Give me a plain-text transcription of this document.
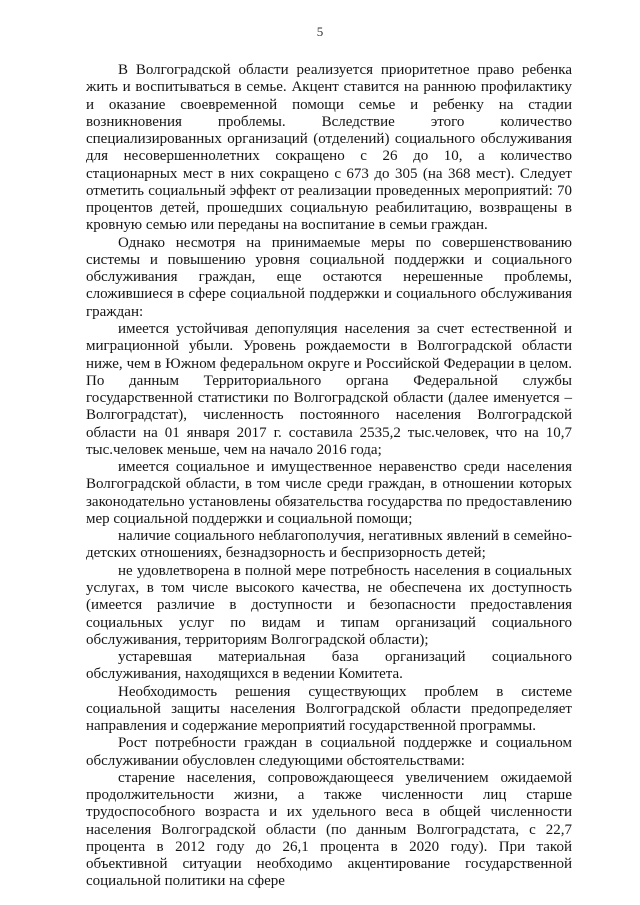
5

В Волгоградской области реализуется приоритетное право ребенка жить и воспитываться в семье. Акцент ставится на раннюю профилактику и оказание своевременной помощи семье и ребенку на стадии возникновения проблемы. Вследствие этого количество специализированных организаций (отделений) социального обслуживания для несовершеннолетних сокращено с 26 до 10, а количество стационарных мест в них сокращено с 673 до 305 (на 368 мест). Следует отметить социальный эффект от реализации проведенных мероприятий: 70 процентов детей, прошедших социальную реабилитацию, возвращены в кровную семью или переданы на воспитание в семьи граждан.

Однако несмотря на принимаемые меры по совершенствованию системы и повышению уровня социальной поддержки и социального обслуживания граждан, еще остаются нерешенные проблемы, сложившиеся в сфере социальной поддержки и социального обслуживания граждан:

имеется устойчивая депопуляция населения за счет естественной и миграционной убыли. Уровень рождаемости в Волгоградской области ниже, чем в Южном федеральном округе и Российской Федерации в целом. По данным Территориального органа Федеральной службы государственной статистики по Волгоградской области (далее именуется – Волгоградстат), численность постоянного населения Волгоградской области на 01 января 2017 г. составила 2535,2 тыс.человек, что на 10,7 тыс.человек меньше, чем на начало 2016 года;

имеется социальное и имущественное неравенство среди населения Волгоградской области, в том числе среди граждан, в отношении которых законодательно установлены обязательства государства по предоставлению мер социальной поддержки и социальной помощи;

наличие социального неблагополучия, негативных явлений в семейно-детских отношениях, безнадзорность и беспризорность детей;

не удовлетворена в полной мере потребность населения в социальных услугах, в том числе высокого качества, не обеспечена их доступность (имеется различие в доступности и безопасности предоставления социальных услуг по видам и типам организаций социального обслуживания, территориям Волгоградской области);

устаревшая материальная база организаций социального обслуживания, находящихся в ведении Комитета.

Необходимость решения существующих проблем в системе социальной защиты населения Волгоградской области предопределяет направления и содержание мероприятий государственной программы.

Рост потребности граждан в социальной поддержке и социальном обслуживании обусловлен следующими обстоятельствами:

старение населения, сопровождающееся увеличением ожидаемой продолжительности жизни, а также численности лиц старше трудоспособного возраста и их удельного веса в общей численности населения Волгоградской области (по данным Волгоградстата, с 22,7 процента в 2012 году до 26,1 процента в 2020 году). При такой объективной ситуации необходимо акцентирование государственной социальной политики на сфере
